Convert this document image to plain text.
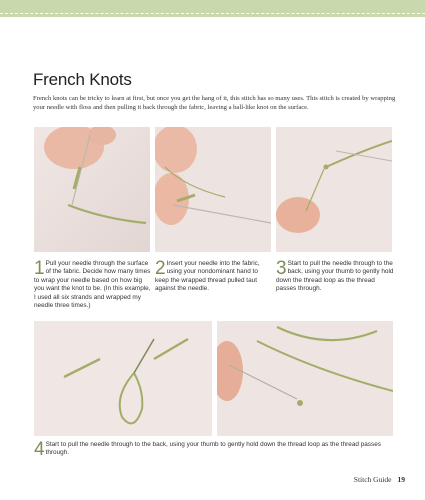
French Knots
French knots can be tricky to learn at first, but once you get the hang of it, this stitch has so many uses. This stitch is created by wrapping your needle with floss and then pulling it back through the fabric, leaving a ball-like knot on the surface.
1 Pull your needle through the surface of the fabric. Decide how many times to wrap your needle based on how big you want the knot to be. (In this example, I used all six strands and wrapped my needle three times.)
2 Insert your needle into the fabric, using your nondominant hand to keep the wrapped thread pulled taut against the needle.
3 Start to pull the needle through to the back, using your thumb to gently hold down the thread loop as the thread passes through.
4 Start to pull the needle through to the back, using your thumb to gently hold down the thread loop as the thread passes through.
Stitch Guide 19
